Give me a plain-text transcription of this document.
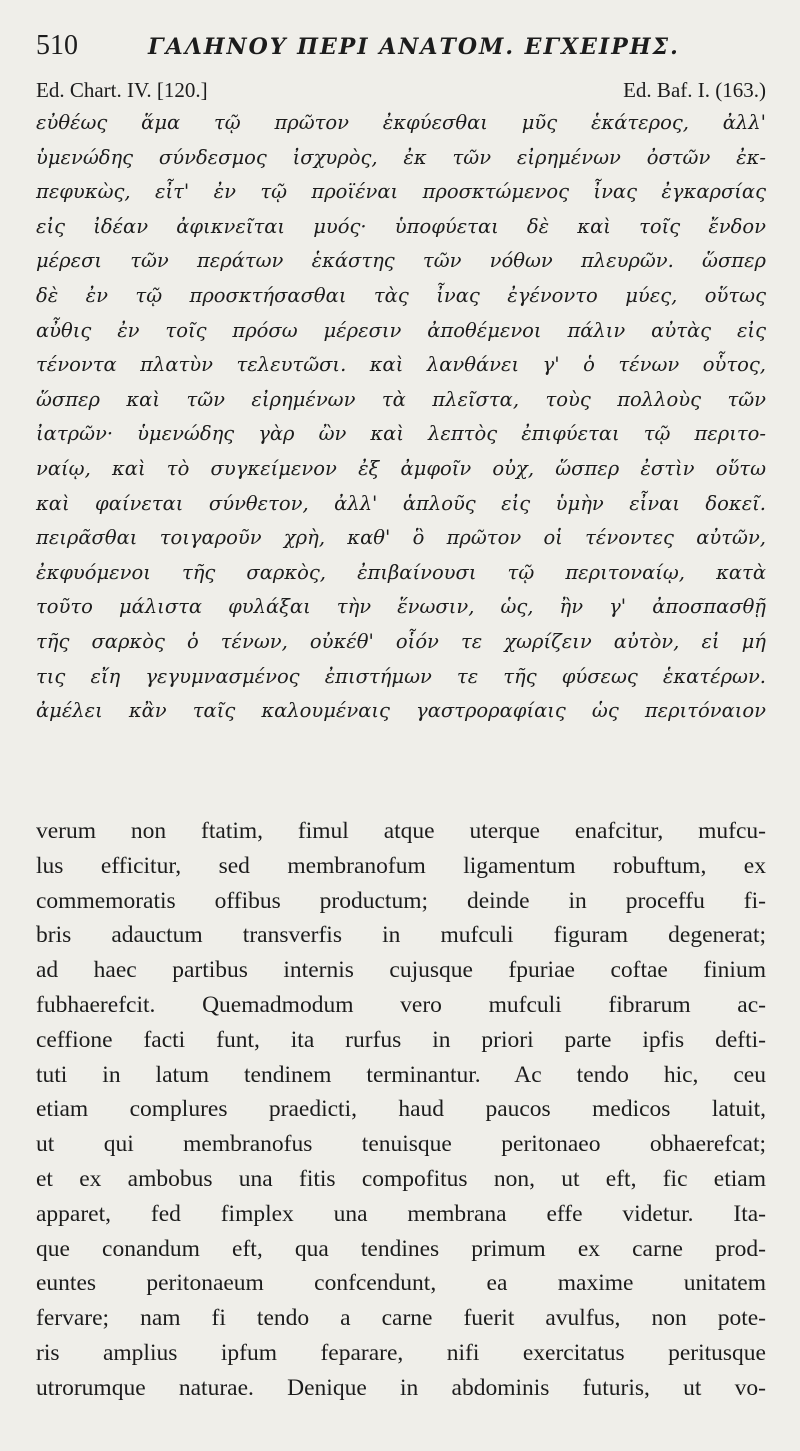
510	ΓΑΛΗΝΟΥ ΠΕΡΙ ΑΝΑΤΟΜ. ΕΓΧΕΙΡΗΣ.
Ed. Chart. IV. [120.]	Ed. Baf. I. (163.)
εὐθέως ἅμα τῷ πρῶτον ἐκφύεσθαι μῦς ἑκάτερος, ἀλλ'
ὑμενώδης σύνδεσμος ἰσχυρὸς, ἐκ τῶν εἰρημένων ὀστῶν ἐκ-
πεφυκὼς, εἶτ' ἐν τῷ προϊέναι προσκτώμενος ἶνας ἐγκαρσίας
εἰς ἰδέαν ἀφικνεῖται μυός· ὑποφύεται δὲ καὶ τοῖς ἔνδον
μέρεσι τῶν περάτων ἑκάστης τῶν νόθων πλευρῶν. ὥσπερ
δὲ ἐν τῷ προσκτήσασθαι τὰς ἶνας ἐγένοντο μύες, οὕτως
αὖθις ἐν τοῖς πρόσω μέρεσιν ἀποθέμενοι πάλιν αὐτὰς εἰς
τένοντα πλατὺν τελευτῶσι. καὶ λανθάνει γ' ὁ τένων οὗτος,
ὥσπερ καὶ τῶν εἰρημένων τὰ πλεῖστα, τοὺς πολλοὺς τῶν
ἰατρῶν· ὑμενώδης γὰρ ὢν καὶ λεπτὸς ἐπιφύεται τῷ περιτο-
ναίῳ, καὶ τὸ συγκείμενον ἐξ ἀμφοῖν οὐχ, ὥσπερ ἐστὶν οὕτω
καὶ φαίνεται σύνθετον, ἀλλ' ἁπλοῦς εἰς ὑμὴν εἶναι δοκεῖ.
πειρᾶσθαι τοιγαροῦν χρὴ, καθ' ὃ πρῶτον οἱ τένοντες αὐτῶν,
ἐκφυόμενοι τῆς σαρκὸς, ἐπιβαίνουσι τῷ περιτοναίῳ, κατὰ
τοῦτο μάλιστα φυλάξαι τὴν ἕνωσιν, ὡς, ἢν γ' ἀποσπασθῇ
τῆς σαρκὸς ὁ τένων, οὐκέθ' οἷόν τε χωρίζειν αὐτὸν, εἰ μή
τις εἴη γεγυμνασμένος ἐπιστήμων τε τῆς φύσεως ἑκατέρων.
ἀμέλει κἂν ταῖς καλουμέναις γαστροραφίαις ὡς περιτόναιον
verum non ftatim, fimul atque uterque enafcitur, mufcu-
lus efficitur, sed membranofum ligamentum robuftum, ex
commemoratis offibus productum; deinde in proceffu fi-
bris adauctum transverfis in mufculi figuram degenerat;
ad haec partibus internis cujusque fpuriae coftae finium
fubhaerefcit. Quemadmodum vero mufculi fibrarum ac-
ceffione facti funt, ita rurfus in priori parte ipfis defti-
tuti in latum tendinem terminantur. Ac tendo hic, ceu
etiam complures praedicti, haud paucos medicos latuit,
ut qui membranofus tenuisque peritonaeo obhaerefcat;
et ex ambobus una fitis compofitus non, ut eft, fic etiam
apparet, fed fimplex una membrana effe videtur. Ita-
que conandum eft, qua tendines primum ex carne prod-
euntes peritonaeum confcendunt, ea maxime unitatem
fervare; nam fi tendo a carne fuerit avulfus, non pote-
ris amplius ipfum feparare, nifi exercitatus peritusque
utrorumque naturae. Denique in abdominis futuris, ut vo-
